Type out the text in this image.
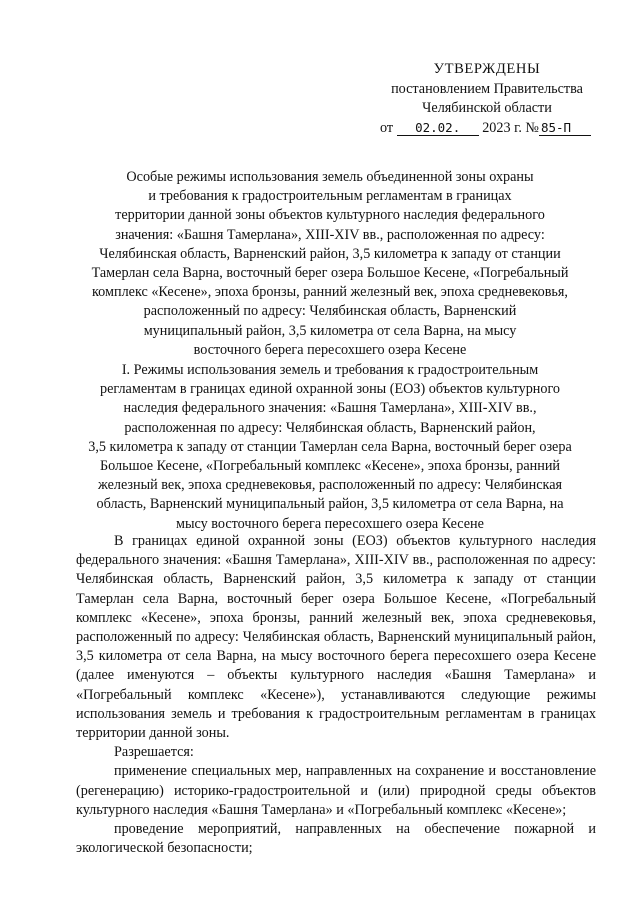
УТВЕРЖДЕНЫ
постановлением Правительства
Челябинской области
от 02.02. 2023 г. № 85-П
Особые режимы использования земель объединенной зоны охраны
и требования к градостроительным регламентам в границах
территории данной зоны объектов культурного наследия федерального
значения: «Башня Тамерлана», XIII-XIV вв., расположенная по адресу:
Челябинская область, Варненский район, 3,5 километра к западу от станции
Тамерлан села Варна, восточный берег озера Большое Кесене, «Погребальный
комплекс «Кесене», эпоха бронзы, ранний железный век, эпоха средневековья,
расположенный по адресу: Челябинская область, Варненский
муниципальный район, 3,5 километра от села Варна, на мысу
восточного берега пересохшего озера Кесене
I. Режимы использования земель и требования к градостроительным
регламентам в границах единой охранной зоны (ЕОЗ) объектов культурного
наследия федерального значения: «Башня Тамерлана», XIII-XIV вв.,
расположенная по адресу: Челябинская область, Варненский район,
3,5 километра к западу от станции Тамерлан села Варна, восточный берег озера
Большое Кесене, «Погребальный комплекс «Кесене», эпоха бронзы, ранний
железный век, эпоха средневековья, расположенный по адресу: Челябинская
область, Варненский муниципальный район, 3,5 километра от села Варна, на
мысу восточного берега пересохшего озера Кесене

В границах единой охранной зоны (ЕОЗ) объектов культурного наследия федерального значения: «Башня Тамерлана», XIII-XIV вв., расположенная по адресу: Челябинская область, Варненский район, 3,5 километра к западу от станции Тамерлан села Варна, восточный берег озера Большое Кесене, «Погребальный комплекс «Кесене», эпоха бронзы, ранний железный век, эпоха средневековья, расположенный по адресу: Челябинская область, Варненский муниципальный район, 3,5 километра от села Варна, на мысу восточного берега пересохшего озера Кесене (далее именуются – объекты культурного наследия «Башня Тамерлана» и «Погребальный комплекс «Кесене»), устанавливаются следующие режимы использования земель и требования к градостроительным регламентам в границах территории данной зоны.

Разрешается:

применение специальных мер, направленных на сохранение и восстановление (регенерацию) историко-градостроительной и (или) природной среды объектов культурного наследия «Башня Тамерлана» и «Погребальный комплекс «Кесене»;

проведение мероприятий, направленных на обеспечение пожарной и экологической безопасности;
